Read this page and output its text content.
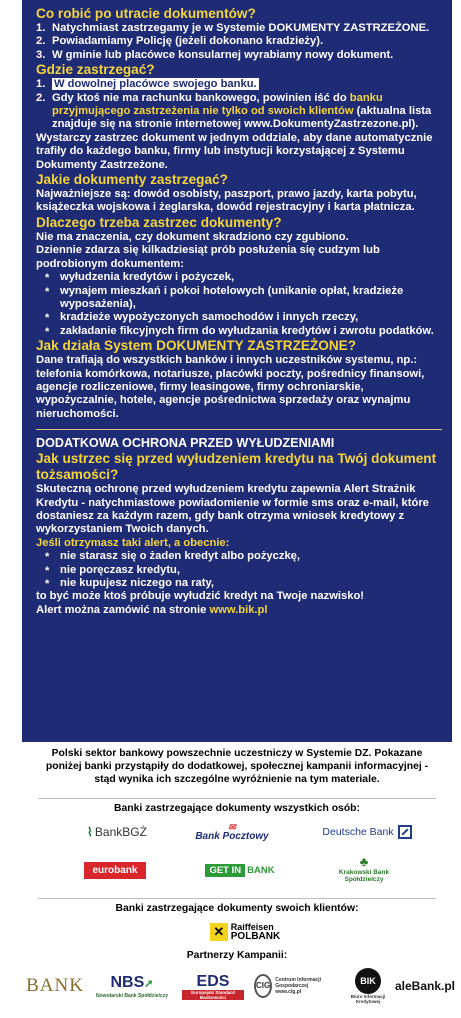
Co robić po utracie dokumentów?

1. Natychmiast zastrzegamy je w Systemie DOKUMENTY ZASTRZEŻONE.
2. Powiadamiamy Policję (jeżeli dokonano kradzieży).
3. W gminie lub placówce konsularnej wyrabiamy nowy dokument.

Gdzie zastrzegać?

1. W dowolnej placówce swojego banku.
2. Gdy ktoś nie ma rachunku bankowego, powinien iść do banku przyjmującego zastrzeżenia nie tylko od swoich klientów (aktualna lista znajduje się na stronie internetowej www.DokumentyZastrzezone.pl).

Wystarczy zastrzec dokument w jednym oddziale, aby dane automatycznie trafiły do każdego banku, firmy lub instytucji korzystającej z Systemu Dokumenty Zastrzeżone.

Jakie dokumenty zastrzegać?

Najważniejsze są: dowód osobisty, paszport, prawo jazdy, karta pobytu, książeczka wojskowa i żeglarska, dowód rejestracyjny i karta płatnicza.

Dlaczego trzeba zastrzec dokumenty?

Nie ma znaczenia, czy dokument skradziono czy zgubiono.

Dziennie zdarza się kilkadziesiąt prób posłużenia się cudzym lub podrobionym dokumentem:

* wyłudzenia kredytów i pożyczek,
* wynajem mieszkań i pokoi hotelowych (unikanie opłat, kradzieże wyposażenia),
* kradzieże wypożyczonych samochodów i innych rzeczy,
* zakładanie fikcyjnych firm do wyłudzania kredytów i zwrotu podatków.

Jak działa System DOKUMENTY ZASTRZEŻONE?

Dane trafiają do wszystkich banków i innych uczestników systemu, np.: telefonia komórkowa, notariusze, placówki poczty, pośrednicy finansowi, agencje rozliczeniowe, firmy leasingowe, firmy ochroniarskie, wypożyczalnie, hotele, agencje pośrednictwa sprzedaży oraz wynajmu nieruchomości.

DODATKOWA OCHRONA PRZED WYŁUDZENIAMI

Jak ustrzec się przed wyłudzeniem kredytu na Twój dokument tożsamości?

Skuteczną ochronę przed wyłudzeniem kredytu zapewnia Alert Strażnik Kredytu - natychmiastowe powiadomienie w formie sms oraz e-mail, które dostaniesz za każdym razem, gdy bank otrzyma wniosek kredytowy z wykorzystaniem Twoich danych.

Jeśli otrzymasz taki alert, a obecnie:

* nie starasz się o żaden kredyt albo pożyczkę,
* nie poręczasz kredytu,
* nie kupujesz niczego na raty,

to być może ktoś próbuje wyłudzić kredyt na Twoje nazwisko!

Alert można zamówić na stronie www.bik.pl

Polski sektor bankowy powszechnie uczestniczy w Systemie DZ. Pokazane poniżej banki przystąpiły do dodatkowej, społecznej kampanii informacyjnej - stąd wynika ich szczególne wyróżnienie na tym materiale.

Banki zastrzegające dokumenty wszystkich osób:

⌇ BankBGŻ	✉
Bank Pocztowy	Deutsche Bank
eurobank	GET IN BANK
♣
Krakowski Bank Spółdzielczy

Banki zastrzegające dokumenty swoich klientów:

✕ Raiffeisen
POLBANK

Partnerzy Kampanii:

BANK NBS➚
Nowotarski Bank Spółdzielczy
EDS
Europejski Standard Bankowości
CIG
Centrum Informacji Gospodarczej
www.cig.pl
BIK
Biuro Informacji Kredytowej
aleBank.pl
